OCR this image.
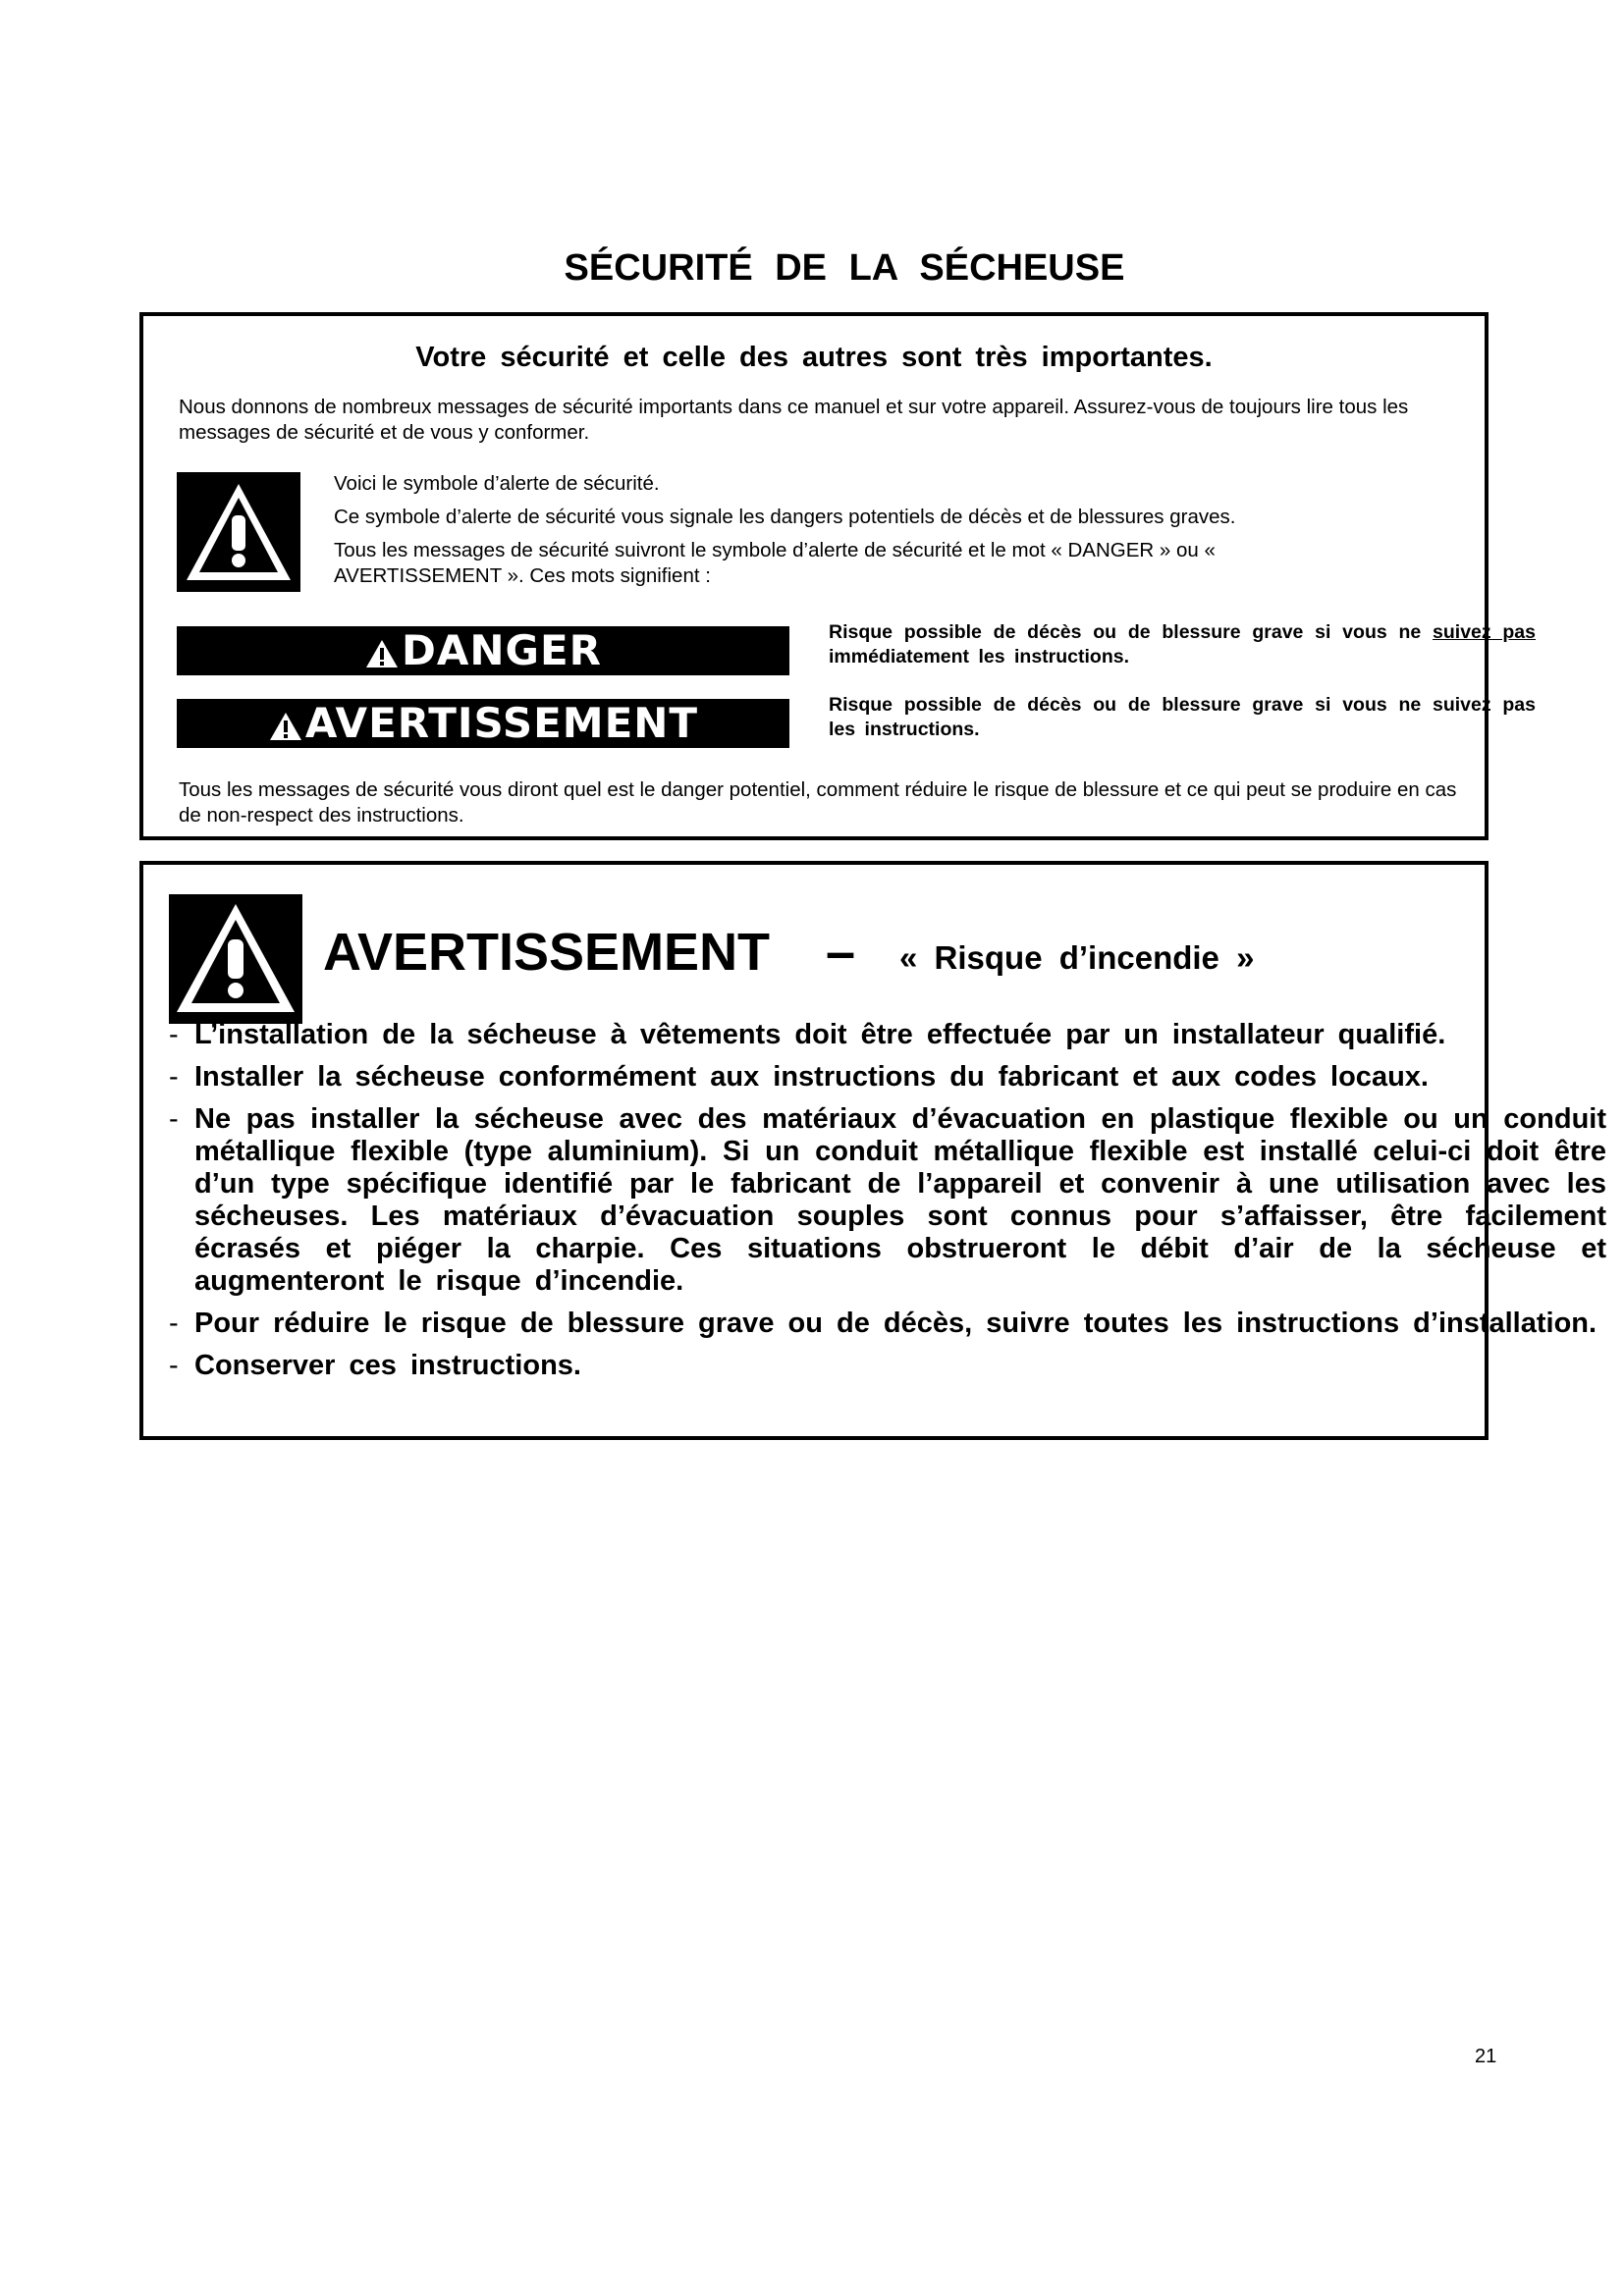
SÉCURITÉ DE LA SÉCHEUSE
Votre sécurité et celle des autres sont très importantes.
Nous donnons de nombreux messages de sécurité importants dans ce manuel et sur votre appareil. Assurez-vous de toujours lire tous les messages de sécurité et de vous y conformer.
Voici le symbole d’alerte de sécurité.
Ce symbole d’alerte de sécurité vous signale les dangers potentiels de décès et de blessures graves.
Tous les messages de sécurité suivront le symbole d’alerte de sécurité et le mot « DANGER » ou « AVERTISSEMENT ». Ces mots signifient :
DANGER	Risque possible de décès ou de blessure grave si vous ne suivez pas immédiatement les instructions.
AVERTISSEMENT	Risque possible de décès ou de blessure grave si vous ne suivez pas les instructions.
Tous les messages de sécurité vous diront quel est le danger potentiel, comment réduire le risque de blessure et ce qui peut se produire en cas de non-respect des instructions.
AVERTISSEMENT – « Risque d’incendie »
- L’installation de la sécheuse à vêtements doit être effectuée par un installateur qualifié.
- Installer la sécheuse conformément aux instructions du fabricant et aux codes locaux.
- Ne pas installer la sécheuse avec des matériaux d’évacuation en plastique flexible ou un conduit métallique flexible (type aluminium). Si un conduit métallique flexible est installé celui-ci doit être d’un type spécifique identifié par le fabricant de l’appareil et convenir à une utilisation avec les sécheuses. Les matériaux d’évacuation souples sont connus pour s’affaisser, être facilement écrasés et piéger la charpie. Ces situations obstrueront le débit d’air de la sécheuse et augmenteront le risque d’incendie.
- Pour réduire le risque de blessure grave ou de décès, suivre toutes les instructions d’installation.
- Conserver ces instructions.
21
